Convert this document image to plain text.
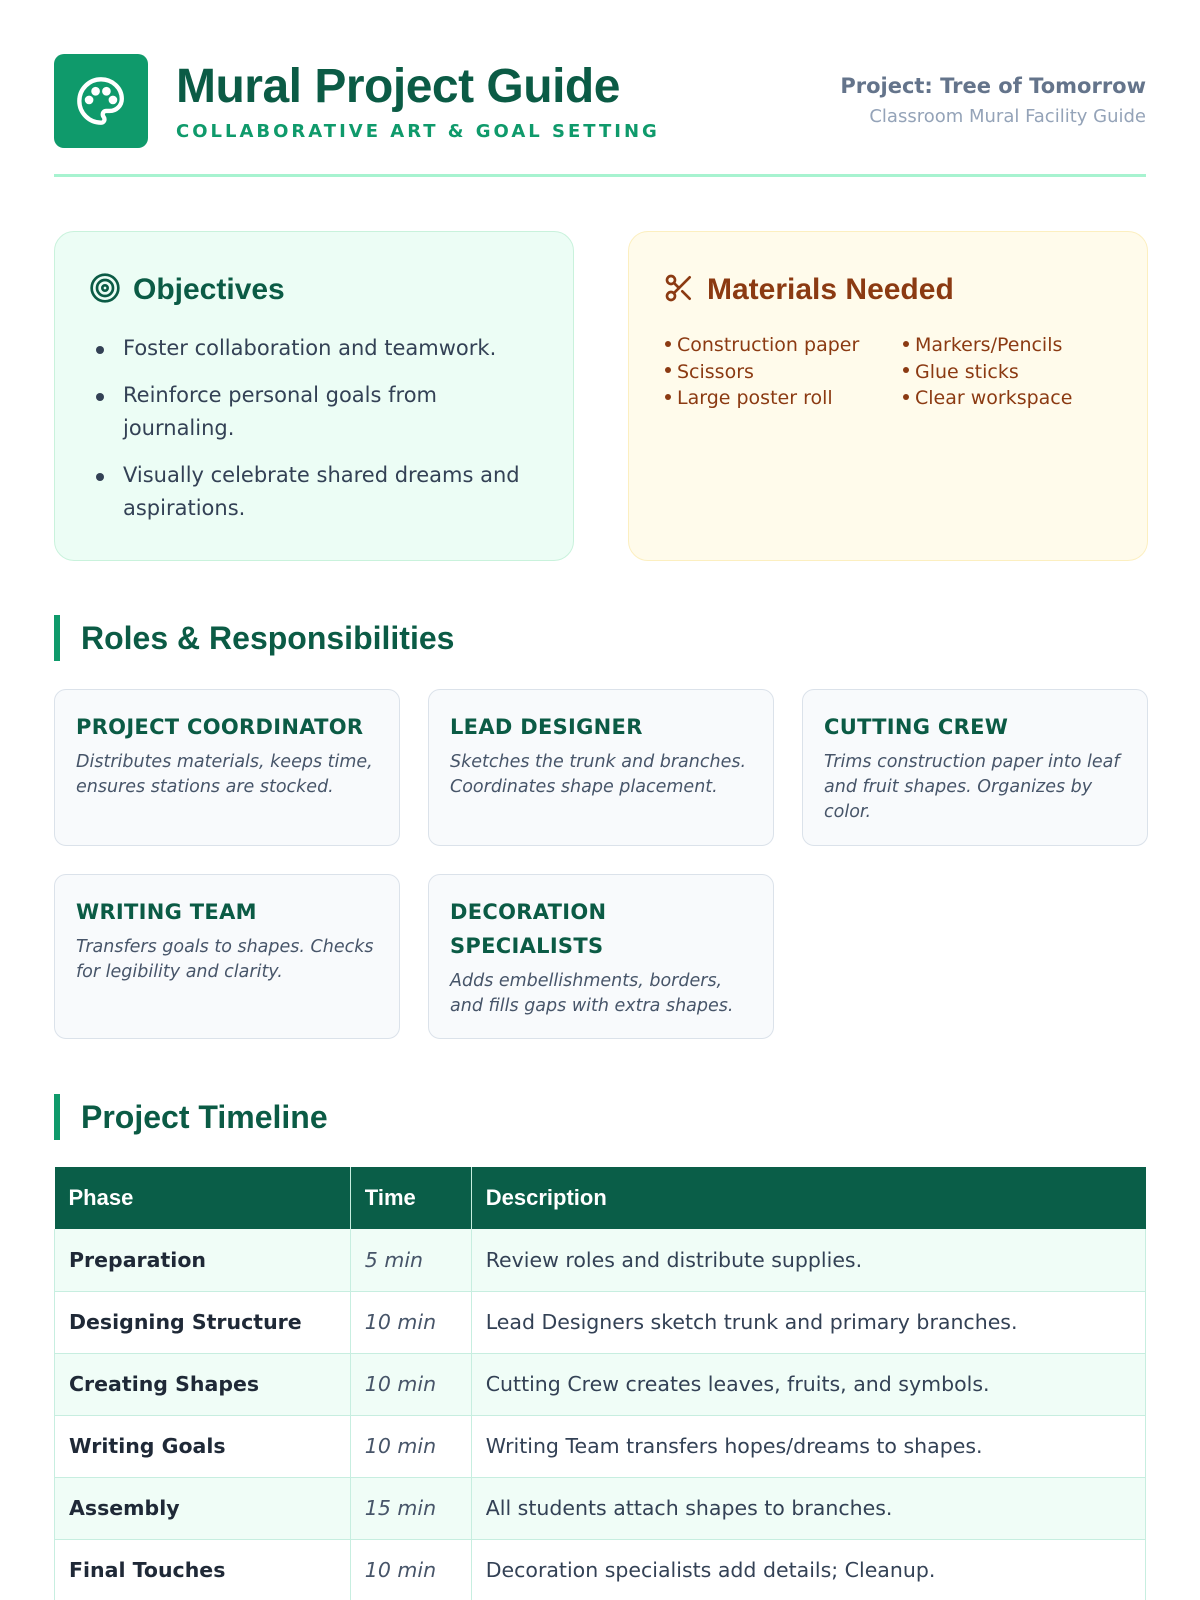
Mural Project Guide
COLLABORATIVE ART & GOAL SETTING
Project: Tree of Tomorrow
Classroom Mural Facility Guide
Objectives
Foster collaboration and teamwork.
Reinforce personal goals from journaling.
Visually celebrate shared dreams and aspirations.
Materials Needed
Construction paper	Markers/Pencils
Scissors	Glue sticks
Large poster roll	Clear workspace
Roles & Responsibilities
PROJECT COORDINATOR
Distributes materials, keeps time, ensures stations are stocked.
LEAD DESIGNER
Sketches the trunk and branches. Coordinates shape placement.
CUTTING CREW
Trims construction paper into leaf and fruit shapes. Organizes by color.
WRITING TEAM
Transfers goals to shapes. Checks for legibility and clarity.
DECORATION SPECIALISTS
Adds embellishments, borders, and fills gaps with extra shapes.
Project Timeline
Phase	Time	Description
Preparation	5 min	Review roles and distribute supplies.
Designing Structure	10 min	Lead Designers sketch trunk and primary branches.
Creating Shapes	10 min	Cutting Crew creates leaves, fruits, and symbols.
Writing Goals	10 min	Writing Team transfers hopes/dreams to shapes.
Assembly	15 min	All students attach shapes to branches.
Final Touches	10 min	Decoration specialists add details; Cleanup.
